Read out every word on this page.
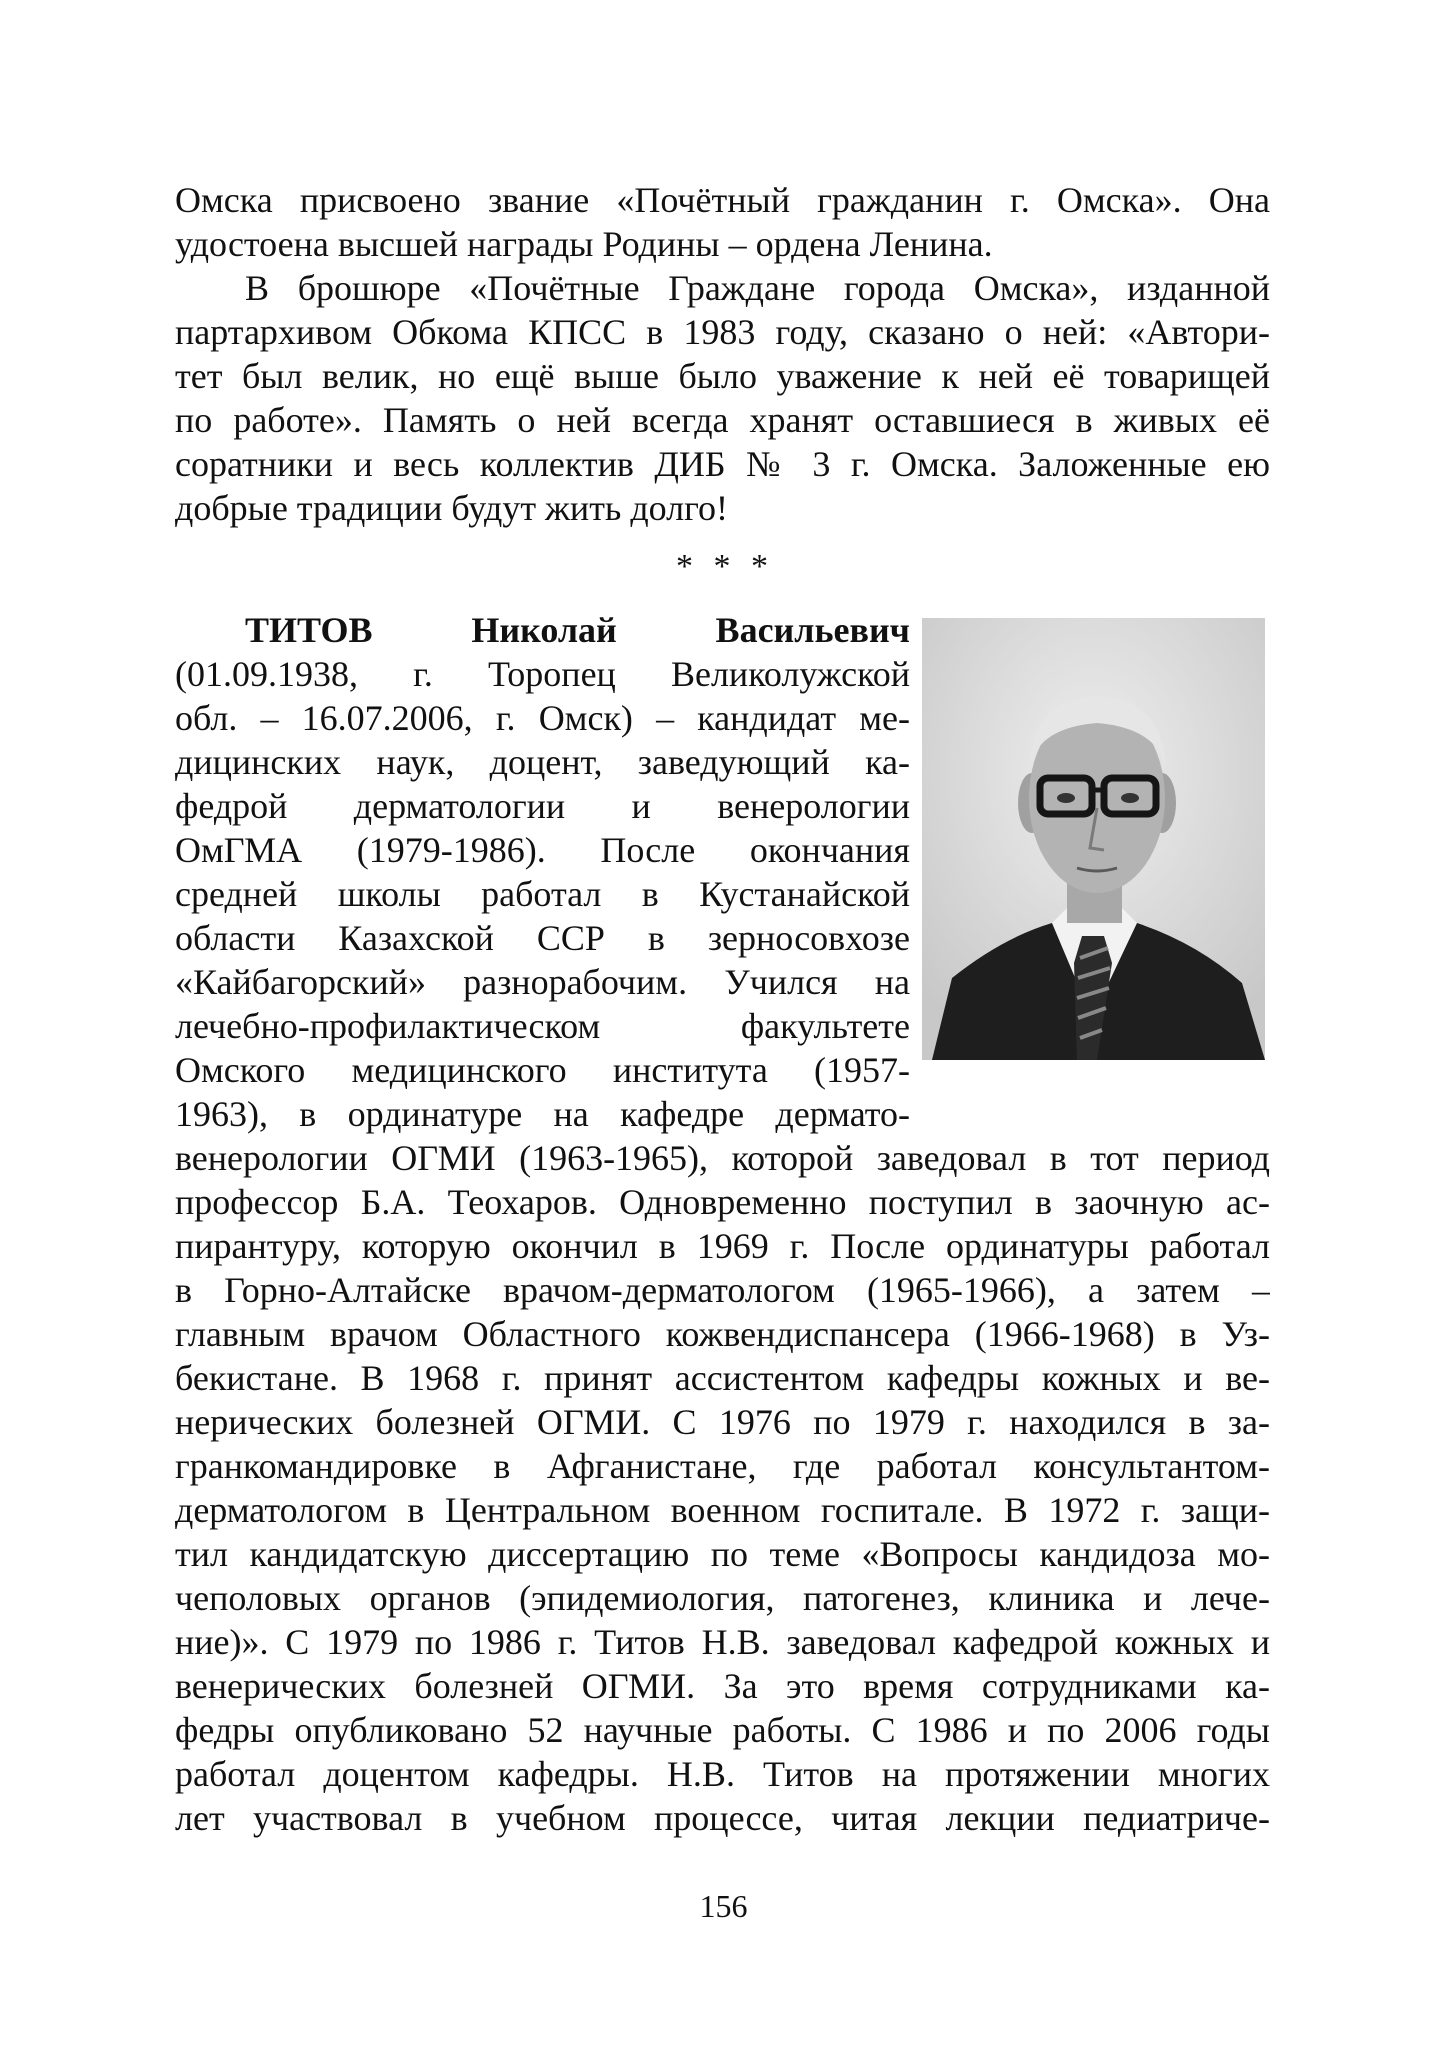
Омска присвоено звание «Почётный гражданин г. Омска». Она
удостоена высшей награды Родины – ордена Ленина.
В брошюре «Почётные Граждане города Омска», изданной
партархивом Обкома КПСС в 1983 году, сказано о ней: «Автори-
тет был велик, но ещё выше было уважение к ней её товарищей
по работе». Память о ней всегда хранят оставшиеся в живых её
соратники и весь коллектив ДИБ № 3 г. Омска. Заложенные ею
добрые традиции будут жить долго!
* * *
ТИТОВ Николай Васильевич
(01.09.1938, г. Торопец Великолужской
обл. – 16.07.2006, г. Омск) – кандидат ме-
дицинских наук, доцент, заведующий ка-
федрой дерматологии и венерологии
ОмГМА (1979-1986). После окончания
средней школы работал в Кустанайской
области Казахской ССР в зерносовхозе
«Кайбагорский» разнорабочим. Учился на
лечебно-профилактическом факультете
Омского медицинского института (1957-
1963), в ординатуре на кафедре дермато-
венерологии ОГМИ (1963-1965), которой заведовал в тот период
профессор Б.А. Теохаров. Одновременно поступил в заочную ас-
пирантуру, которую окончил в 1969 г. После ординатуры работал
в Горно-Алтайске врачом-дерматологом (1965-1966), а затем –
главным врачом Областного кожвендиспансера (1966-1968) в Уз-
бекистане. В 1968 г. принят ассистентом кафедры кожных и ве-
нерических болезней ОГМИ. С 1976 по 1979 г. находился в за-
гранкомандировке в Афганистане, где работал консультантом-
дерматологом в Центральном военном госпитале. В 1972 г. защи-
тил кандидатскую диссертацию по теме «Вопросы кандидоза мо-
чеполовых органов (эпидемиология, патогенез, клиника и лече-
ние)». С 1979 по 1986 г. Титов Н.В. заведовал кафедрой кожных и
венерических болезней ОГМИ. За это время сотрудниками ка-
федры опубликовано 52 научные работы. С 1986 и по 2006 годы
работал доцентом кафедры. Н.В. Титов на протяжении многих
лет участвовал в учебном процессе, читая лекции педиатриче-
156
